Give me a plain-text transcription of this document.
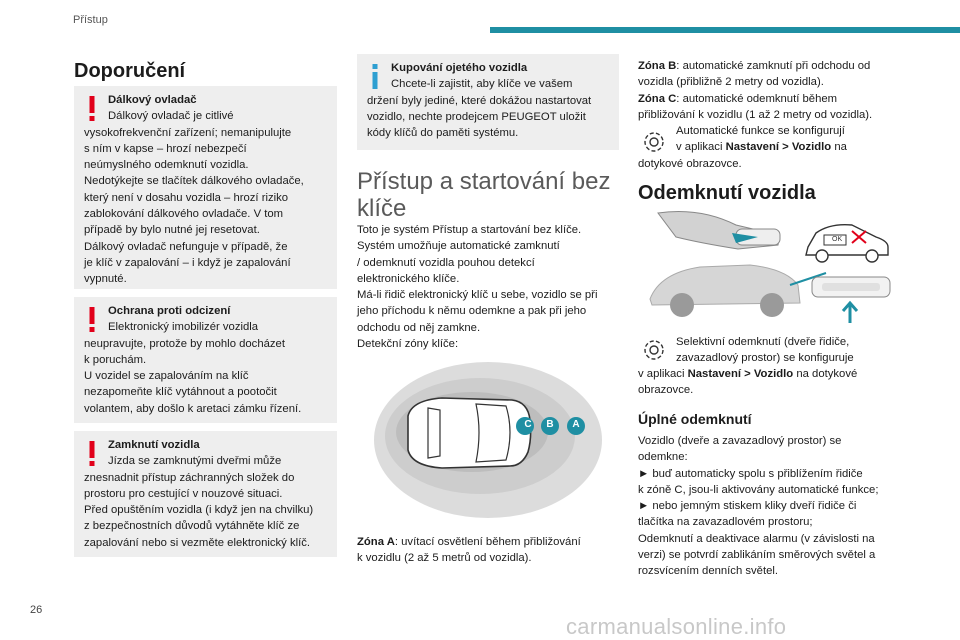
Přístup
Doporučení
Dálkový ovladač
Dálkový ovladač je citlivé
vysokofrekvenční zařízení; nemanipulujte
s ním v kapse – hrozí nebezpečí
neúmyslného odemknutí vozidla.
Nedotýkejte se tlačítek dálkového ovladače,
který není v dosahu vozidla – hrozí riziko
zablokování dálkového ovladače. V tom
případě by bylo nutné jej resetovat.
Dálkový ovladač nefunguje v případě, že
je klíč v zapalování – i když je zapalování
vypnuté.
Ochrana proti odcizení
Elektronický imobilizér vozidla
neupravujte, protože by mohlo docházet
k poruchám.
U vozidel se zapalováním na klíč
nezapomeňte klíč vytáhnout a pootočit
volantem, aby došlo k aretaci zámku řízení.
Zamknutí vozidla
Jízda se zamknutými dveřmi může
znesnadnit přístup záchranných složek do
prostoru pro cestující v nouzové situaci.
Před opuštěním vozidla (i když jen na chvilku)
z bezpečnostních důvodů vytáhněte klíč ze
zapalování nebo si vezměte elektronický klíč.
Kupování ojetého vozidla
Chcete-li zajistit, aby klíče ve vašem
držení byly jediné, které dokážou nastartovat
vozidlo, nechte prodejcem PEUGEOT uložit
kódy klíčů do paměti systému.
Přístup a startování bez klíče

Toto je systém Přístup a startování bez klíče.
Systém umožňuje automatické zamknutí
/ odemknutí vozidla pouhou detekcí
elektronického klíče.
Má-li řidič elektronický klíč u sebe, vozidlo se při
jeho příchodu k němu odemkne a pak při jeho
odchodu od něj zamkne.
Detekční zóny klíče:

C	B	A

Zóna A: uvítací osvětlení během přibližování
k vozidlu (2 až 5 metrů od vozidla).

Zóna B: automatické zamknutí při odchodu od
vozidla (přibližně 2 metry od vozidla).

Zóna C: automatické odemknutí během
přibližování k vozidlu (1 až 2 metry od vozidla).

Automatické funkce se konfigurují
v aplikaci Nastavení > Vozidlo na
dotykové obrazovce.
Odemknutí vozidla
OK
Selektivní odemknutí (dveře řidiče,
zavazadlový prostor) se konfiguruje
v aplikaci Nastavení > Vozidlo na dotykové
obrazovce.
Úplné odemknutí

Vozidlo (dveře a zavazadlový prostor) se
odemkne:
► buď automaticky spolu s přiblížením řidiče
k zóně C, jsou-li aktivovány automatické funkce;
► nebo jemným stiskem kliky dveří řidiče či
tlačítka na zavazadlovém prostoru;
Odemknutí a deaktivace alarmu (v závislosti na
verzi) se potvrdí zablikáním směrových světel a
rozsvícením denních světel.

26
carmanualsonline.info
